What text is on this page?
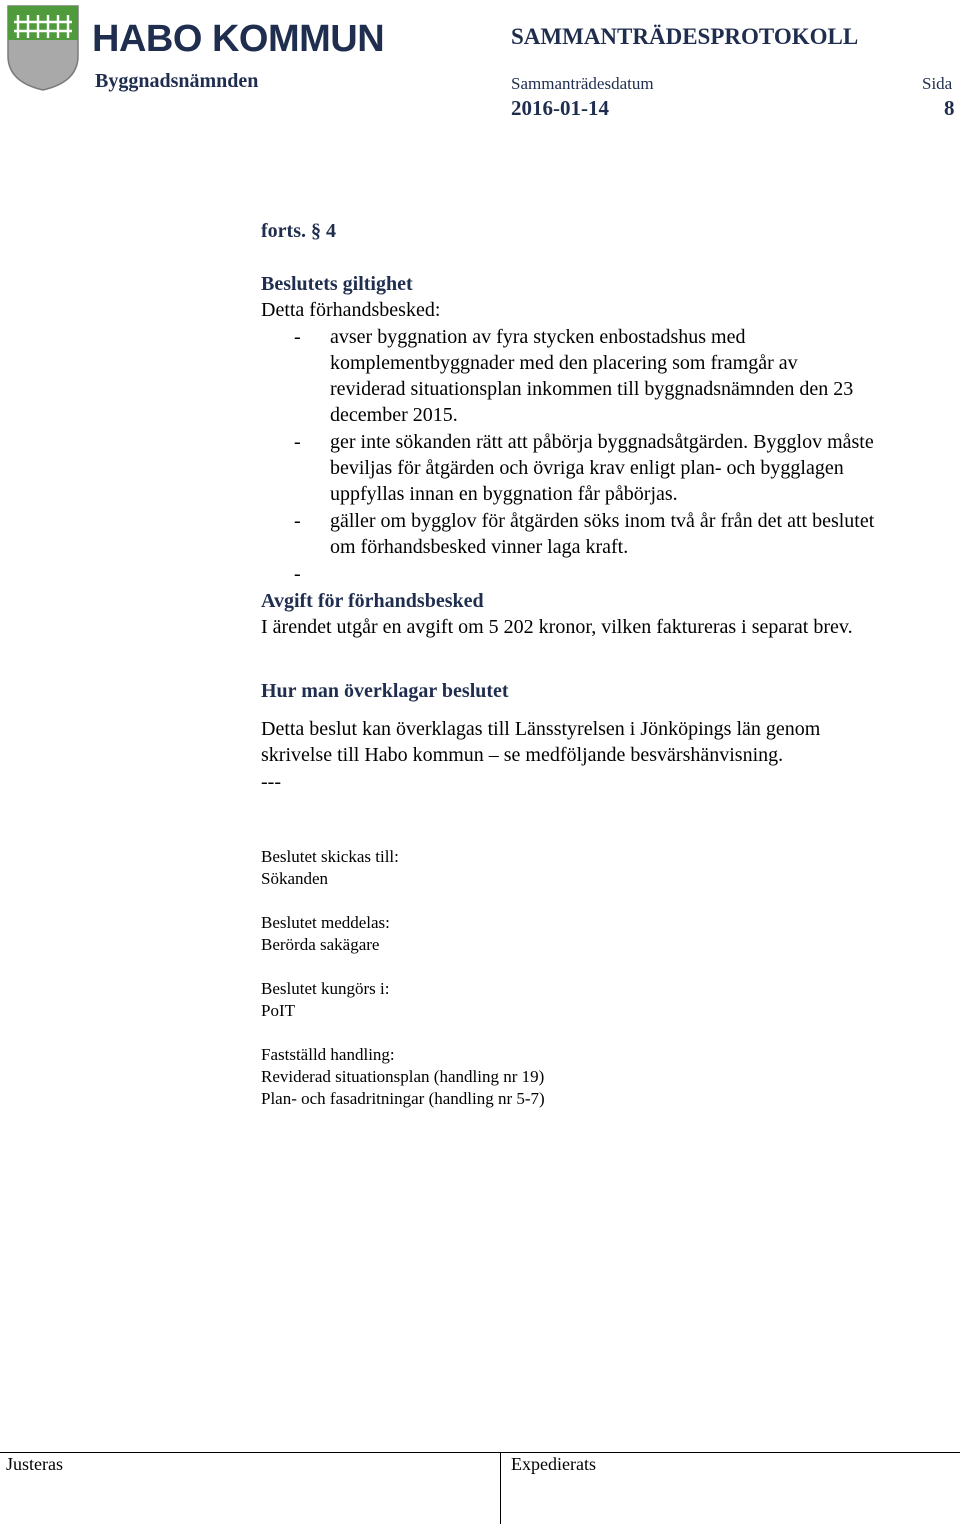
HABO KOMMUN	SAMMANTRÄDESPROTOKOLL
Byggnadsnämnden	Sammanträdesdatum	Sida
2016-01-14	8
forts. § 4
Beslutets giltighet
Detta förhandsbesked:
- avser byggnation av fyra stycken enbostadshus med
komplementbyggnader med den placering som framgår av
reviderad situationsplan inkommen till byggnadsnämnden den 23
december 2015.
- ger inte sökanden rätt att påbörja byggnadsåtgärden. Bygglov måste
beviljas för åtgärden och övriga krav enligt plan- och bygglagen
uppfyllas innan en byggnation får påbörjas.
- gäller om bygglov för åtgärden söks inom två år från det att beslutet
om förhandsbesked vinner laga kraft.
-
Avgift för förhandsbesked
I ärendet utgår en avgift om 5 202 kronor, vilken faktureras i separat brev.
Hur man överklagar beslutet
Detta beslut kan överklagas till Länsstyrelsen i Jönköpings län genom
skrivelse till Habo kommun – se medföljande besvärshänvisning.
---
Beslutet skickas till:
Sökanden
Beslutet meddelas:
Berörda sakägare
Beslutet kungörs i:
PoIT
Fastställd handling:
Reviderad situationsplan (handling nr 19)
Plan- och fasadritningar (handling nr 5-7)
Justeras	Expedierats
